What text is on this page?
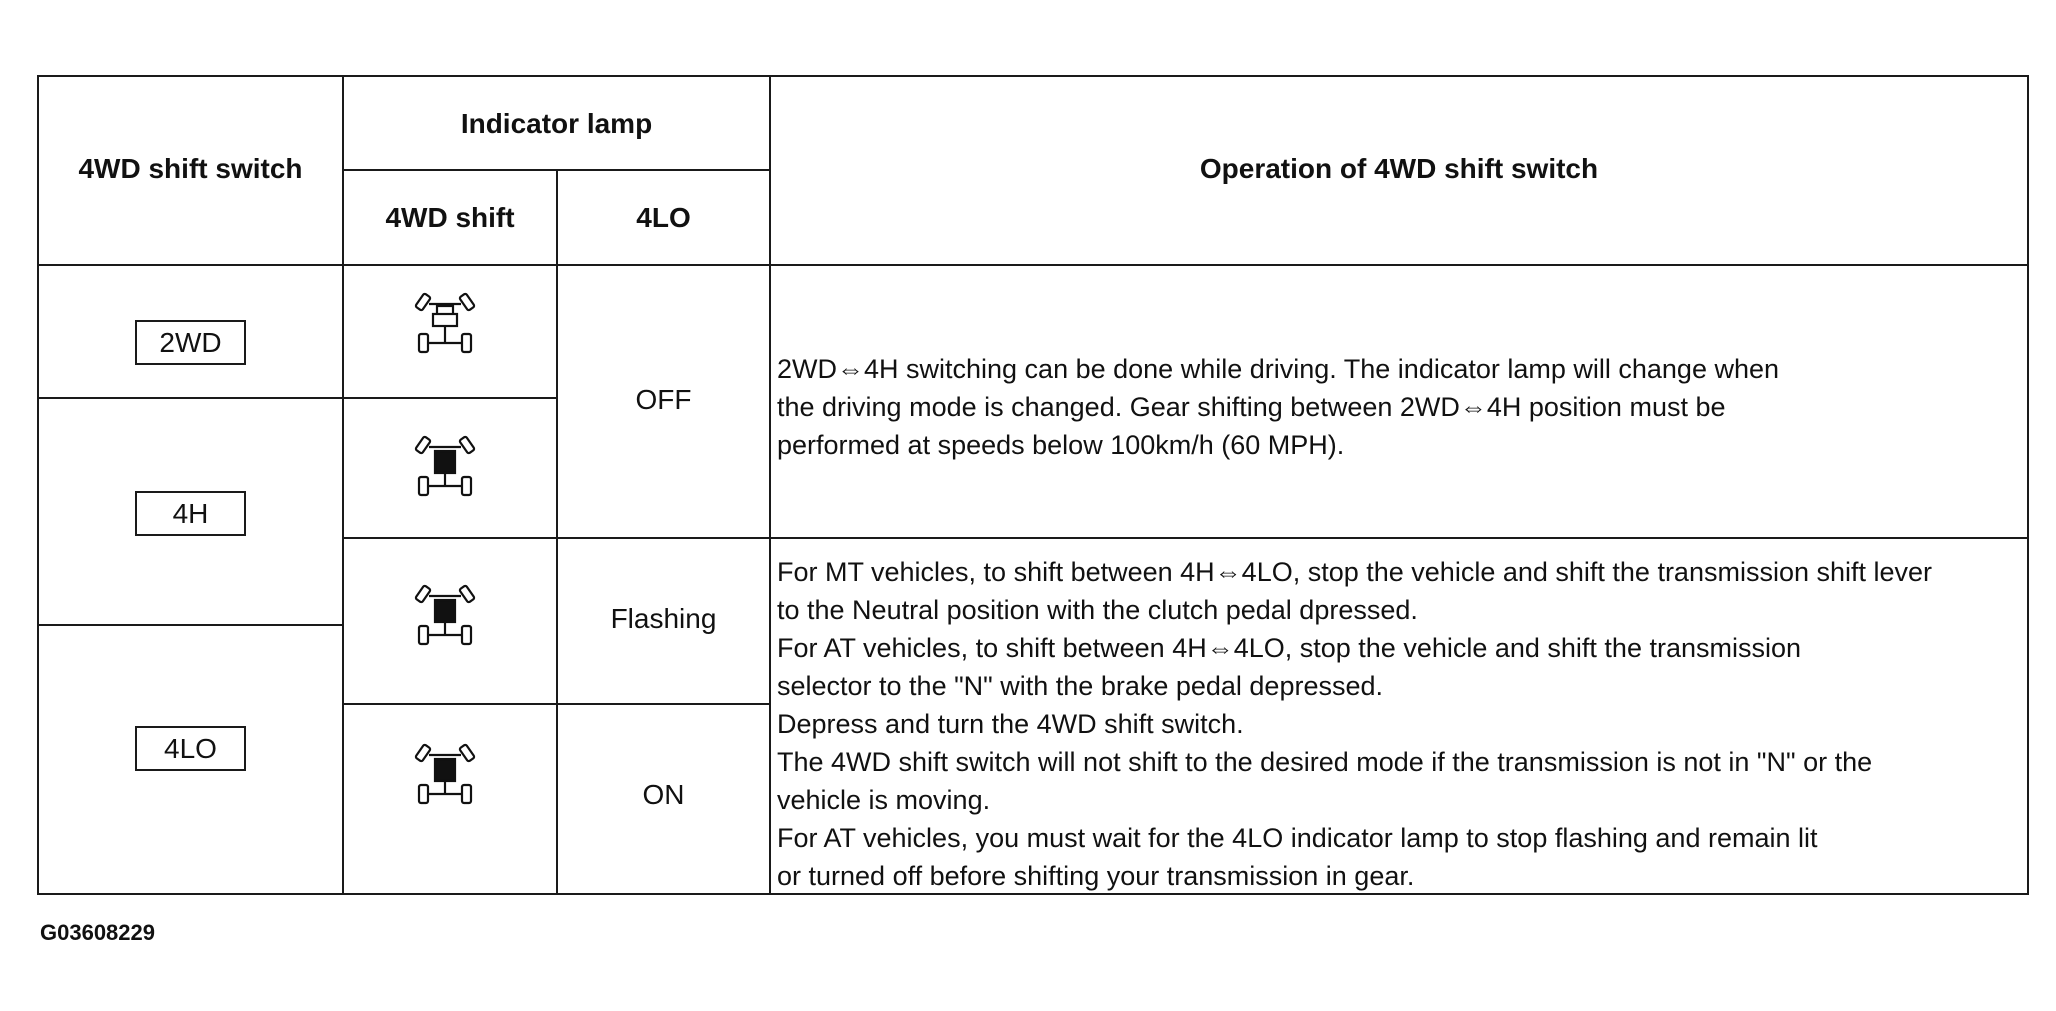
4WD shift switch
Indicator lamp
4WD shift	4LO
Operation of 4WD shift switch
2WD
4H
4LO
OFF
Flashing
ON
2WD⇔4H switching can be done while driving. The indicator lamp will change when
the driving mode is changed. Gear shifting between 2WD⇔4H position must be
performed at speeds below 100km/h (60 MPH).
For MT vehicles, to shift between 4H⇔4LO, stop the vehicle and shift the transmission shift lever
to the Neutral position with the clutch pedal dpressed.
For AT vehicles, to shift between 4H⇔4LO, stop the vehicle and shift the transmission
selector to the "N" with the brake pedal depressed.
Depress and turn the 4WD shift switch.
The 4WD shift switch will not shift to the desired mode if the transmission is not in "N" or the
vehicle is moving.
For AT vehicles, you must wait for the 4LO indicator lamp to stop flashing and remain lit
or turned off before shifting your transmission in gear.
G03608229
